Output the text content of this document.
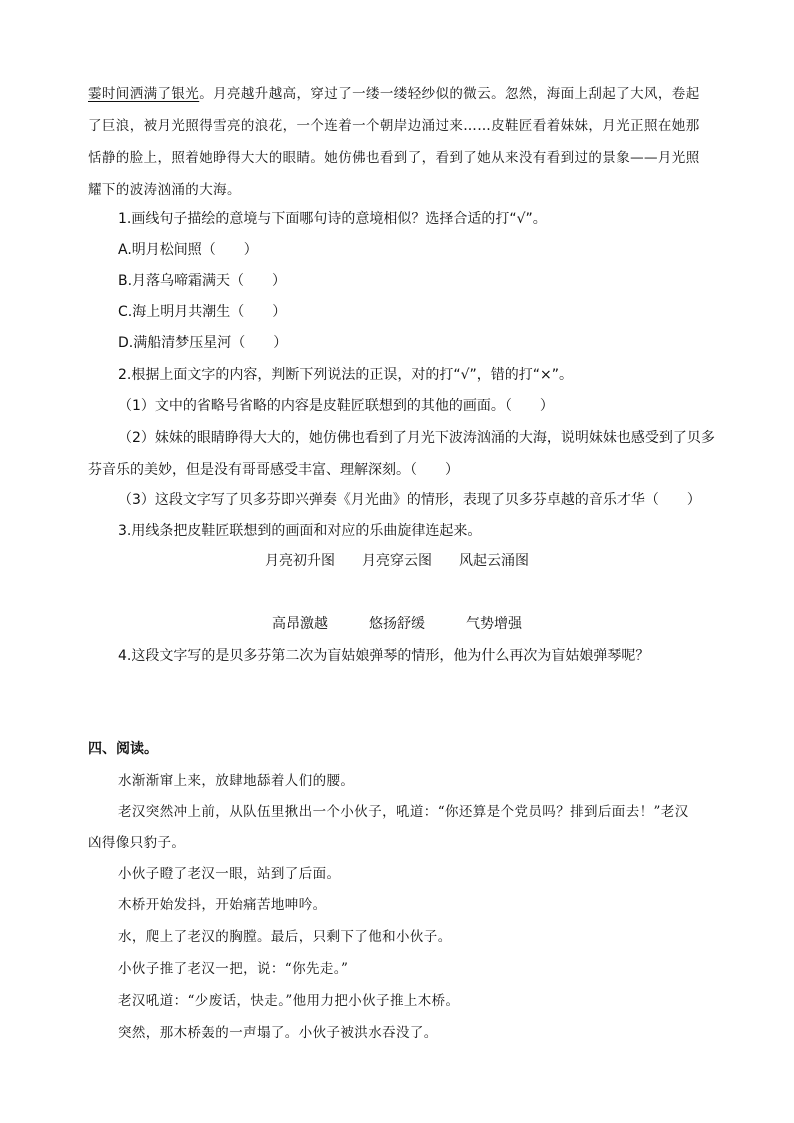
霎时间洒满了银光。月亮越升越高，穿过了一缕一缕轻纱似的微云。忽然，海面上刮起了大风，卷起
了巨浪，被月光照得雪亮的浪花，一个连着一个朝岸边涌过来……皮鞋匠看着妹妹，月光正照在她那
恬静的脸上，照着她睁得大大的眼睛。她仿佛也看到了，看到了她从来没有看到过的景象——月光照
耀下的波涛汹涌的大海。
1.画线句子描绘的意境与下面哪句诗的意境相似？选择合适的打“√”。
A.明月松间照（　　）
B.月落乌啼霜满天（　　）
C.海上明月共潮生（　　）
D.满船清梦压星河（　　）
2.根据上面文字的内容，判断下列说法的正误，对的打“√”，错的打“×”。
（1）文中的省略号省略的内容是皮鞋匠联想到的其他的画面。（　　）
（2）妹妹的眼睛睁得大大的，她仿佛也看到了月光下波涛汹涌的大海，说明妹妹也感受到了贝多
芬音乐的美妙，但是没有哥哥感受丰富、理解深刻。（　　）
（3）这段文字写了贝多芬即兴弹奏《月光曲》的情形，表现了贝多芬卓越的音乐才华（　　）
3.用线条把皮鞋匠联想到的画面和对应的乐曲旋律连起来。
月亮初升图 月亮穿云图 风起云涌图
高昂激越	悠扬舒缓	气势增强
4.这段文字写的是贝多芬第二次为盲姑娘弹琴的情形，他为什么再次为盲姑娘弹琴呢？
四、阅读。
水渐渐窜上来，放肆地舔着人们的腰。
老汉突然冲上前，从队伍里揪出一个小伙子，吼道：“你还算是个党员吗？排到后面去！”老汉
凶得像只豹子。
小伙子瞪了老汉一眼，站到了后面。
木桥开始发抖，开始痛苦地呻吟。
水，爬上了老汉的胸膛。最后，只剩下了他和小伙子。
小伙子推了老汉一把，说：“你先走。”
老汉吼道：“少废话，快走。”他用力把小伙子推上木桥。
突然，那木桥轰的一声塌了。小伙子被洪水吞没了。
